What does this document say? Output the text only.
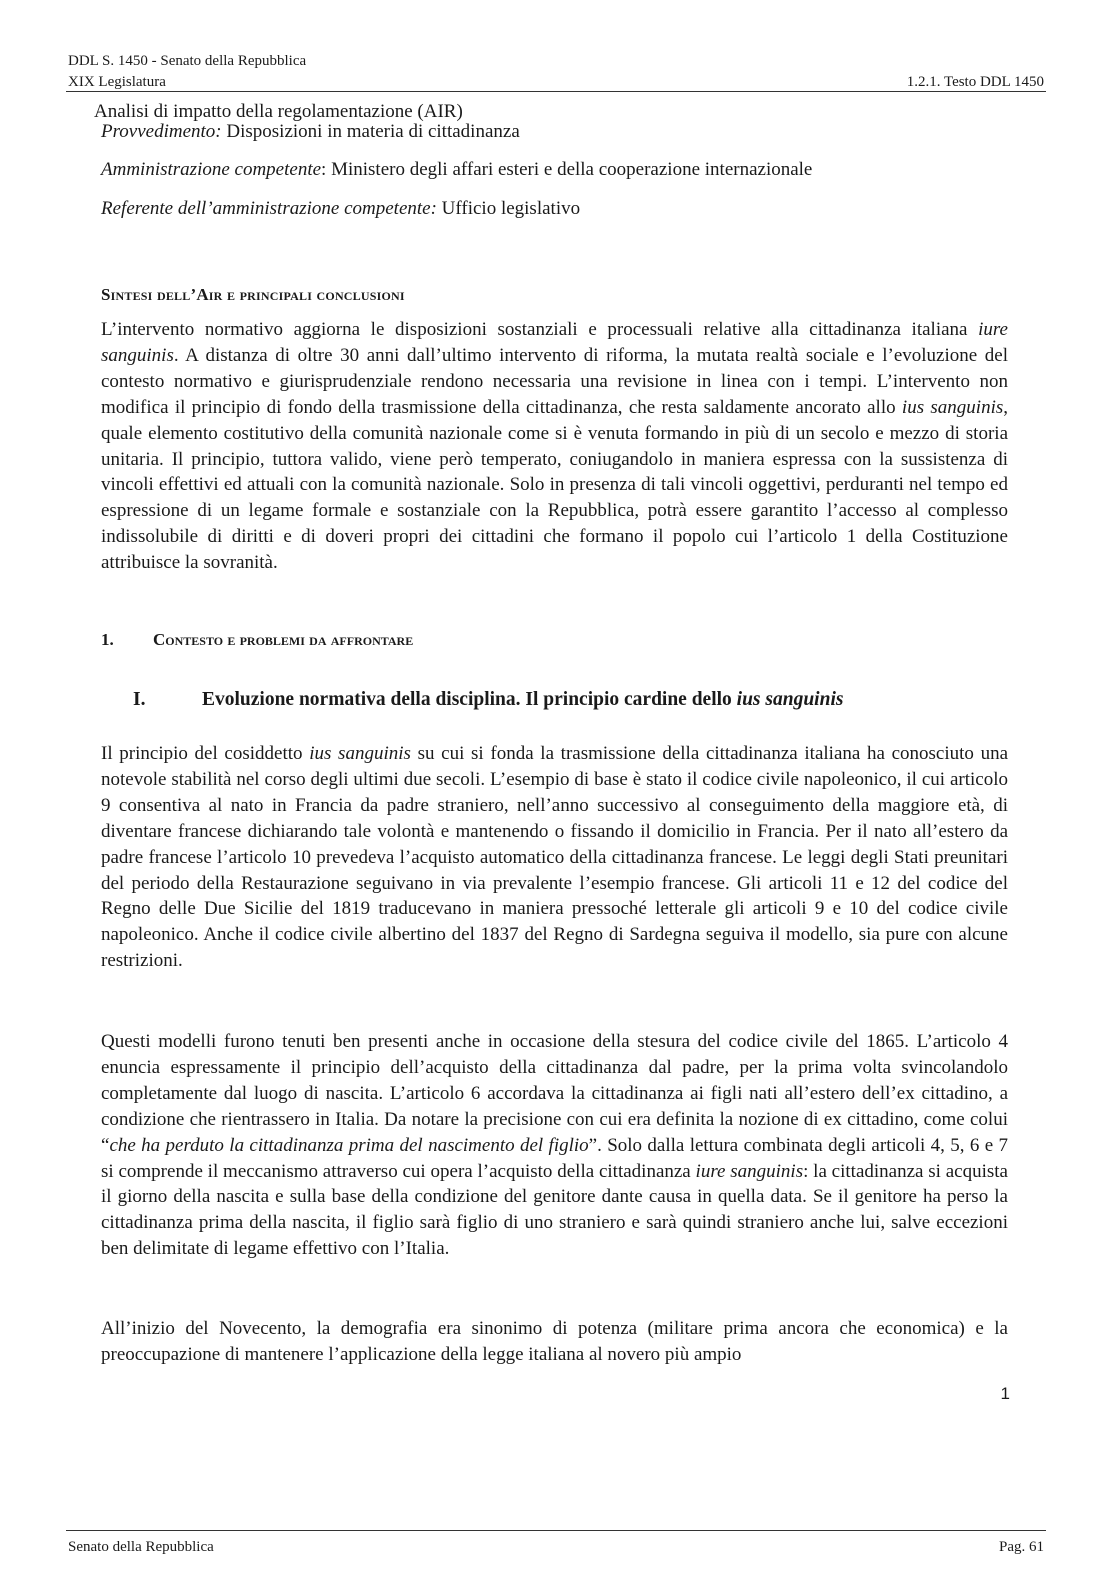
DDL S. 1450 - Senato della Repubblica
XIX Legislatura	1.2.1. Testo DDL 1450
Analisi di impatto della regolamentazione (AIR)
Provvedimento: Disposizioni in materia di cittadinanza
Amministrazione competente: Ministero degli affari esteri e della cooperazione internazionale
Referente dell’amministrazione competente: Ufficio legislativo
Sintesi dell’Air e principali conclusioni
L’intervento normativo aggiorna le disposizioni sostanziali e processuali relative alla cittadinanza italiana iure sanguinis. A distanza di oltre 30 anni dall’ultimo intervento di riforma, la mutata realtà sociale e l’evoluzione del contesto normativo e giurisprudenziale rendono necessaria una revisione in linea con i tempi. L’intervento non modifica il principio di fondo della trasmissione della cittadinanza, che resta saldamente ancorato allo ius sanguinis, quale elemento costitutivo della comunità nazionale come si è venuta formando in più di un secolo e mezzo di storia unitaria. Il principio, tuttora valido, viene però temperato, coniugandolo in maniera espressa con la sussistenza di vincoli effettivi ed attuali con la comunità nazionale. Solo in presenza di tali vincoli oggettivi, perduranti nel tempo ed espressione di un legame formale e sostanziale con la Repubblica, potrà essere garantito l’accesso al complesso indissolubile di diritti e di doveri propri dei cittadini che formano il popolo cui l’articolo 1 della Costituzione attribuisce la sovranità.
1. Contesto e problemi da affrontare
I.	Evoluzione normativa della disciplina. Il principio cardine dello ius sanguinis
Il principio del cosiddetto ius sanguinis su cui si fonda la trasmissione della cittadinanza italiana ha conosciuto una notevole stabilità nel corso degli ultimi due secoli. L’esempio di base è stato il codice civile napoleonico, il cui articolo 9 consentiva al nato in Francia da padre straniero, nell’anno successivo al conseguimento della maggiore età, di diventare francese dichiarando tale volontà e mantenendo o fissando il domicilio in Francia. Per il nato all’estero da padre francese l’articolo 10 prevedeva l’acquisto automatico della cittadinanza francese. Le leggi degli Stati preunitari del periodo della Restaurazione seguivano in via prevalente l’esempio francese. Gli articoli 11 e 12 del codice del Regno delle Due Sicilie del 1819 traducevano in maniera pressoché letterale gli articoli 9 e 10 del codice civile napoleonico. Anche il codice civile albertino del 1837 del Regno di Sardegna seguiva il modello, sia pure con alcune restrizioni.
Questi modelli furono tenuti ben presenti anche in occasione della stesura del codice civile del 1865. L’articolo 4 enuncia espressamente il principio dell’acquisto della cittadinanza dal padre, per la prima volta svincolandolo completamente dal luogo di nascita. L’articolo 6 accordava la cittadinanza ai figli nati all’estero dell’ex cittadino, a condizione che rientrassero in Italia. Da notare la precisione con cui era definita la nozione di ex cittadino, come colui “che ha perduto la cittadinanza prima del nascimento del figlio”. Solo dalla lettura combinata degli articoli 4, 5, 6 e 7 si comprende il meccanismo attraverso cui opera l’acquisto della cittadinanza iure sanguinis: la cittadinanza si acquista il giorno della nascita e sulla base della condizione del genitore dante causa in quella data. Se il genitore ha perso la cittadinanza prima della nascita, il figlio sarà figlio di uno straniero e sarà quindi straniero anche lui, salve eccezioni ben delimitate di legame effettivo con l’Italia.
All’inizio del Novecento, la demografia era sinonimo di potenza (militare prima ancora che economica) e la preoccupazione di mantenere l’applicazione della legge italiana al novero più ampio
1
Senato della Repubblica	Pag. 61
